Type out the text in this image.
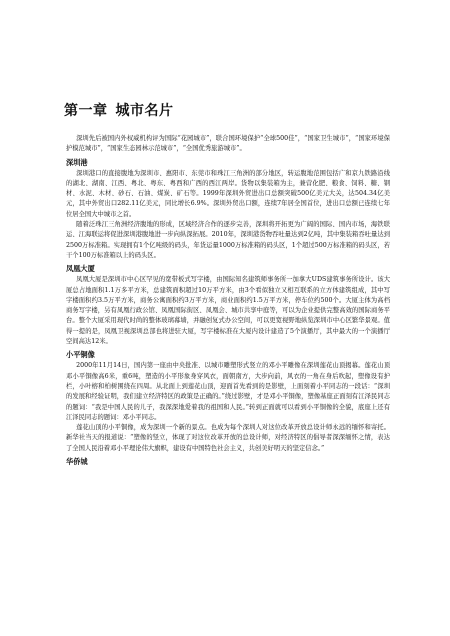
第一章 城市名片

深圳先后被国内外权威机构评为国际“花园城市”，联合国环境保护“全球500佳”，“国家卫生城市”，“国家环境保护模范城市”，“国家生态园林示范城市”，“全国优秀旅游城市”。

深圳港

深圳港口的直接腹地为深圳市、惠阳市、东莞市和珠江三角洲的部分地区，转运腹地范围包括广和京九铁路沿线的湖北、湖南、江西、粤北、粤东、粤西和广西的西江两岸。货物以集装箱为主，兼营化肥、粮食、饲料、糖、钢材、水泥、木材、砂石、石油、煤炭、矿石等。1999年深圳外贸进出口总额突破500亿美元大关，达504.34亿美元，其中外贸出口282.11亿美元，同比增长6.9%。深圳外贸出口额，连续7年居全国首位，进出口总额已连续七年位居全国大中城市之首。

随着泛珠江三角洲经济腹地的形成，区域经济合作的逐步完善，深圳将开拓更为广阔的国际、国内市场，海铁联运、江海联运将促进深圳港腹地进一步向纵深拓展。2010年，深圳港货物吞吐量达到2亿吨，其中集装箱吞吐量达到2500万标准箱。实现拥有1个亿吨级的码头，年货运量1000万标准箱的码头区，1个超过500万标准箱的码头区，若干个100万标准箱以上的码头区。

凤凰大厦

凤凰大厦是深圳市中心区罕见的宽带板式写字楼，由国际知名建筑师事务所一加拿大UDS建筑事务所设计。该大厦总占地面积1.1万多平方米，总建筑面积超过10万平方米，由3个看似独立又相互联系的立方体建筑组成，其中写字楼面积约3.5万平方米，商务公寓面积约3万平方米，商业面积约1.5万平方米，停车位约500个。大厦主体为高档商务写字楼，另有凤凰行政公馆、凤凰国际街区、凤凰会、城市共享中庭等，可以为企业提供完整高效的国际商务平台。整个大厦采用现代时尚的整体玻璃幕墙，并融创复式办公空间，可以更宽视野地纵览深圳市中心区繁华景观。值得一提的是，凤凰卫视深圳总部也将进驻大厦，写字楼标准在大厦内设计建造了5个演播厅，其中最大的一个演播厅空间高达12米。

小平铜像

2000年11月14日，国内第一座由中央批准、以城市雕塑形式竖立的邓小平雕像在深圳莲花山顶揭幕。莲花山顶邓小平铜像高6米，重6吨，塑造的小平形象身穿风衣，面朝南方，大步向前，风衣的一角在身后吹起，塑像设有护栏，小叶榕和柏树围绕在四周。从北面上到莲花山顶，迎面首先看到的是影壁，上面刻着小平同志的一段话：“深圳的发展和经验证明，我们建立经济特区的政策是正确的。”绕过影壁，才是邓小平铜像，塑像基座正面刻有江泽民同志的题词：“我是中国人民的儿子，我深深地爱着我的祖国和人民。”转到正面就可以看到小平铜像的全貌，底座上还有江泽民同志的题词：邓小平同志。

莲花山顶的小平铜像，成为深圳一个新的景点。也成为每个深圳人对这位改革开放总设计师永远的缅怀和寄托。新华社当天的报道说：“塑像的竖立，体现了对这位改革开放的总设计师，对经济特区的倡导者深深缅怀之情，表达了全国人民沿着邓小平理论伟大旗帜，建设有中国特色社会主义，共创美好明天的坚定信念。”

华侨城
